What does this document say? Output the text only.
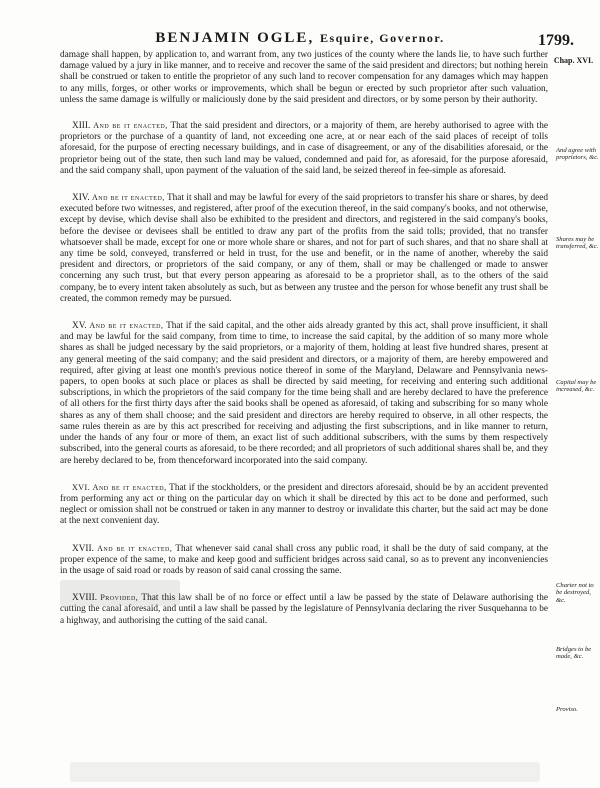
BENJAMIN OGLE, Esquire, Governor.	1799.
Chap. XVI.

damage shall happen, by application to, and warrant from, any two justices of the county where the lands lie, to have such further damage valued by a jury in like manner, and to receive and recover the same of the said president and directors; but nothing herein shall be construed or taken to entitle the proprietor of any such land to recover compensation for any damages which may happen to any mills, forges, or other works or improvements, which shall be begun or erected by such proprietor after such valuation, unless the same damage is wilfully or maliciously done by the said president and directors, or by some person by their authority.

XIII. And be it enacted, That the said president and directors, or a majority of them, are hereby authorised to agree with the proprietors or the purchase of a quantity of land, not exceeding one acre, at or near each of the said places of receipt of tolls aforesaid, for the purpose of erecting necessary buildings, and in case of disagreement, or any of the disabilities aforesaid, or the proprietor being out of the state, then such land may be valued, condemned and paid for, as aforesaid, for the purpose aforesaid, and the said company shall, upon payment of the valuation of the said land, be seized thereof in fee-simple as aforesaid.

XIV. And be it enacted, That it shall and may be lawful for every of the said proprietors to transfer his share or shares, by deed executed before two witnesses, and registered, after proof of the execution thereof, in the said company's books, and not otherwise, except by devise, which devise shall also be exhibited to the president and directors, and registered in the said company's books, before the devisee or devisees shall be entitled to draw any part of the profits from the said tolls; provided, that no transfer whatsoever shall be made, except for one or more whole share or shares, and not for part of such shares, and that no share shall at any time be sold, conveyed, transferred or held in trust, for the use and benefit, or in the name of another, whereby the said president and directors, or proprietors of the said company, or any of them, shall or may be challenged or made to answer concerning any such trust, but that every person appearing as aforesaid to be a proprietor shall, as to the others of the said company, be to every intent taken absolutely as such, but as between any trustee and the person for whose benefit any trust shall be created, the common remedy may be pursued.

XV. And be it enacted, That if the said capital, and the other aids already granted by this act, shall prove insufficient, it shall and may be lawful for the said company, from time to time, to increase the said capital, by the addition of so many more whole shares as shall be judged necessary by the said proprietors, or a majority of them, holding at least five hundred shares, present at any general meeting of the said company; and the said president and directors, or a majority of them, are hereby empowered and required, after giving at least one month's previous notice thereof in some of the Maryland, Delaware and Pennsylvania news-papers, to open books at such place or places as shall be directed by said meeting, for receiving and entering such additional subscriptions, in which the proprietors of the said company for the time being shall and are hereby declared to have the preference of all others for the first thirty days after the said books shall be opened as aforesaid, of taking and subscribing for so many whole shares as any of them shall choose; and the said president and directors are hereby required to observe, in all other respects, the same rules therein as are by this act prescribed for receiving and adjusting the first subscriptions, and in like manner to return, under the hands of any four or more of them, an exact list of such additional subscribers, with the sums by them respectively subscribed, into the general courts as aforesaid, to be there recorded; and all proprietors of such additional shares shall be, and they are hereby declared to be, from thenceforward incorporated into the said company.

XVI. And be it enacted, That if the stockholders, or the president and directors aforesaid, should be by an accident prevented from performing any act or thing on the particular day on which it shall be directed by this act to be done and performed, such neglect or omission shall not be construed or taken in any manner to destroy or invalidate this charter, but the said act may be done at the next convenient day.

XVII. And be it enacted, That whenever said canal shall cross any public road, it shall be the duty of said company, at the proper expence of the same, to make and keep good and sufficient bridges across said canal, so as to prevent any inconveniencies in the usage of said road or roads by reason of said canal crossing the same.

XVIII. Provided, That this law shall be of no force or effect until a law be passed by the state of Delaware authorising the cutting the canal aforesaid, and until a law shall be passed by the legislature of Pennsylvania declaring the river Susquehanna to be a highway, and authorising the cutting of the said canal.

And agree with proprietors, &c.
Shares may be transferred, &c.
Capital may be increased, &c.
Charter not to be destroyed, &c.
Bridges to be made, &c.
Proviso.
